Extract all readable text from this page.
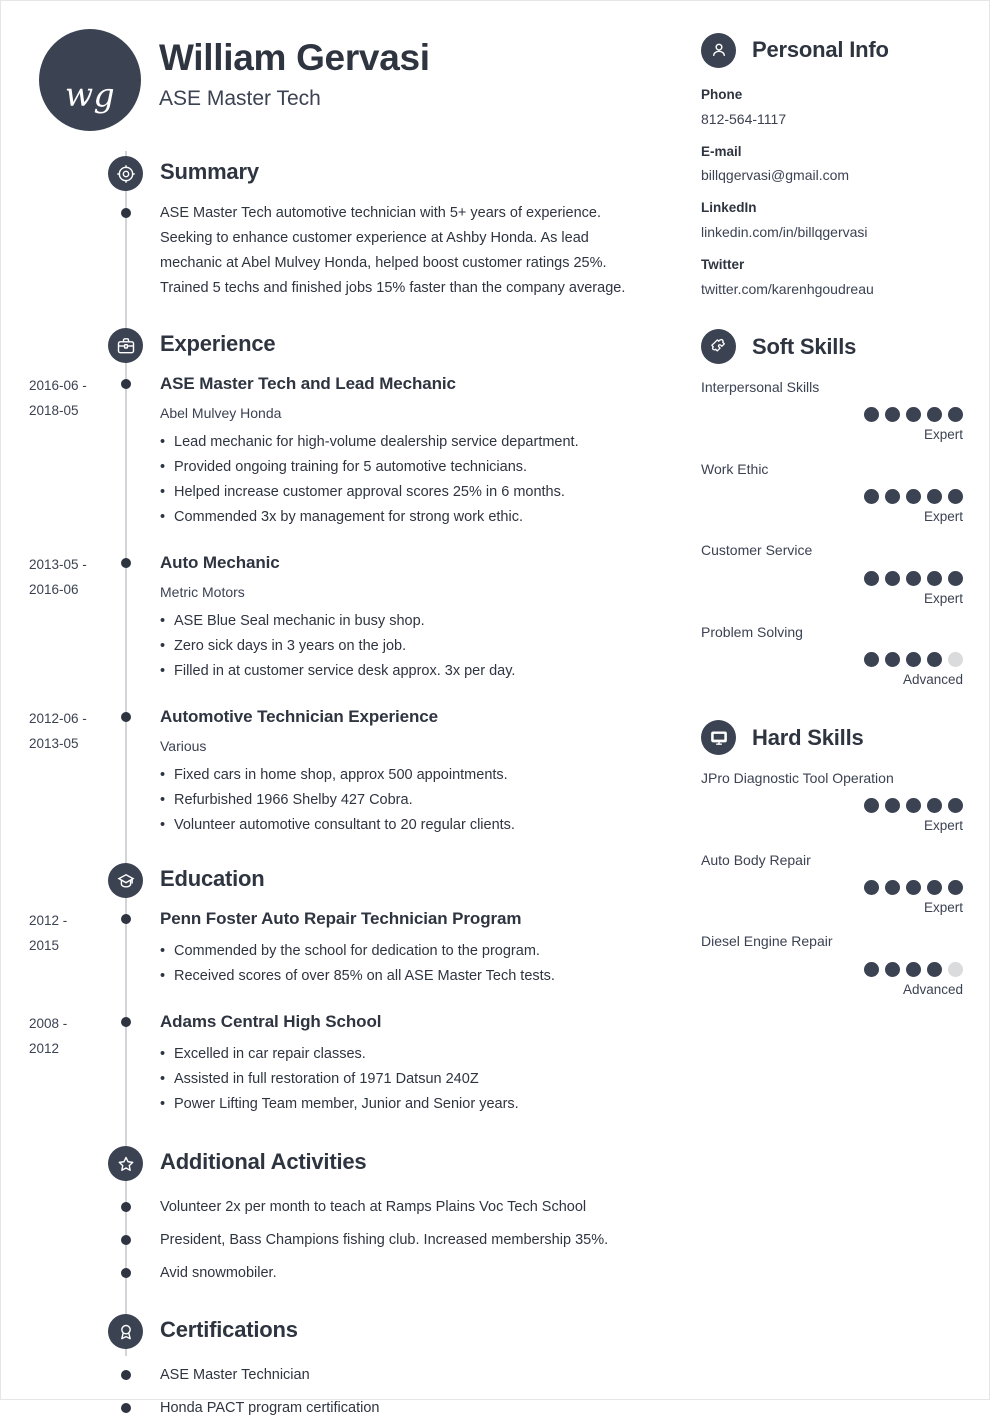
wg
William Gervasi
ASE Master Tech
Summary
ASE Master Tech automotive technician with 5+ years of experience. Seeking to enhance customer experience at Ashby Honda. As lead mechanic at Abel Mulvey Honda, helped boost customer ratings 25%. Trained 5 techs and finished jobs 15% faster than the company average.
Experience
2016-06 -
2018-05
ASE Master Tech and Lead Mechanic
Abel Mulvey Honda
• Lead mechanic for high-volume dealership service department.
• Provided ongoing training for 5 automotive technicians.
• Helped increase customer approval scores 25% in 6 months.
• Commended 3x by management for strong work ethic.
2013-05 -
2016-06
Auto Mechanic
Metric Motors
• ASE Blue Seal mechanic in busy shop.
• Zero sick days in 3 years on the job.
• Filled in at customer service desk approx. 3x per day.
2012-06 -
2013-05
Automotive Technician Experience
Various
• Fixed cars in home shop, approx 500 appointments.
• Refurbished 1966 Shelby 427 Cobra.
• Volunteer automotive consultant to 20 regular clients.
Education
2012 -
2015
Penn Foster Auto Repair Technician Program
• Commended by the school for dedication to the program.
• Received scores of over 85% on all ASE Master Tech tests.
2008 -
2012
Adams Central High School
• Excelled in car repair classes.
• Assisted in full restoration of 1971 Datsun 240Z
• Power Lifting Team member, Junior and Senior years.
Additional Activities
Volunteer 2x per month to teach at Ramps Plains Voc Tech School
President, Bass Champions fishing club. Increased membership 35%.
Avid snowmobiler.
Certifications
ASE Master Technician
Honda PACT program certification
Personal Info
Phone
812-564-1117
E-mail
billqgervasi@gmail.com
LinkedIn
linkedin.com/in/billqgervasi
Twitter
twitter.com/karenhgoudreau
Soft Skills
Interpersonal Skills
Expert
Work Ethic
Expert
Customer Service
Expert
Problem Solving
Advanced
Hard Skills
JPro Diagnostic Tool Operation
Expert
Auto Body Repair
Expert
Diesel Engine Repair
Advanced
